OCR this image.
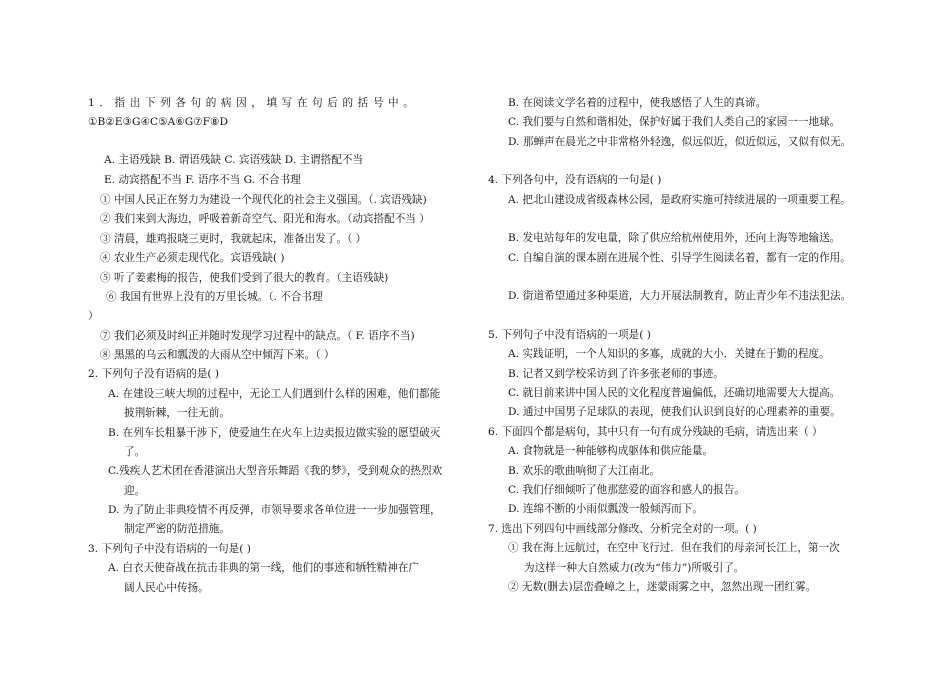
1．指出下列各句的病因，填写在句后的括号中。
①B②E③G④C⑤A⑥G⑦F⑧D
A. 主语残缺 B. 谓语残缺 C. 宾语残缺 D. 主谓搭配不当
E. 动宾搭配不当 F. 语序不当 G. 不合书理
① 中国人民正在努力为建设一个现代化的社会主义强国。（. 宾语残缺)
② 我们来到大海边，呼吸着新奇空气、阳光和海水。（动宾搭配不当 ）
③ 清晨，雄鸡报晓三更时，我就起床，准备出发了。（ ）
④ 农业生产必须走现代化。宾语残缺( )
⑤ 听了姜素梅的报告，使我们受到了很大的教育。（主语残缺)
⑥ 我国有世界上没有的万里长城。（. 不合书理
）
⑦ 我们必须及时纠正并随时发现学习过程中的缺点。（ F. 语序不当)
⑧ 黑黑的乌云和瓢泼的大雨从空中倾泻下来。（ ）
2. 下列句子没有语病的是( )
A. 在建设三峡大坝的过程中，无论工人们遇到什么样的困难，他们都能
披荆斩棘，一往无前。
B. 在列车长粗暴干涉下，使爱迪生在火车上边卖报边做实验的愿望破灭
了。
C.残疾人艺术团在香港演出大型音乐舞蹈《我的梦》，受到观众的热烈欢
迎。
D. 为了防止非典疫情不再反弹，市领导要求各单位进一一步加强管理，
制定严密的防范措施。
3. 下列句子中没有语病的一句是( )
A. 白衣天使奋战在抗击非典的第一线，他们的事迹和牺牲精神在广
阔人民心中传扬。
B. 在阅读文学名着的过程中，使我感悟了人生的真谛。
C. 我们要与自然和谐相处，保护好属于我们人类自己的家园一一地球。
D. 那蝉声在晨光之中非常格外轻逸，似远似近，似近似远，又似有似无。
4. 下列各句中，没有语病的一句是( )
A. 把北山建设成省级森林公园，是政府实施可持续进展的一项重要工程。
B. 发电站每年的发电量，除了供应给杭州使用外，还向上海等地输送。
C. 自编自演的课本剧在进展个性、引导学生阅读名着，都有一定的作用。
D. 街道希望通过多种渠道，大力开展法制教育，防止青少年不违法犯法。
5. 下列句子中没有语病的一项是( )
A. 实践证明，一个人知识的多寡，成就的大小．关键在于勤的程度。
B. 记者又到学校采访到了许多张老师的事迹。
C. 就目前来讲中国人民的文化程度普遍偏低，还确切地需要大大提高。
D. 通过中国男子足球队的表现，使我们认识到良好的心理素养的重要。
6. 下面四个都是病句，其中只有一句有成分残缺的毛病，请选出来（ ）
A. 食物就是一种能够构成躯体和供应能量。
B. 欢乐的歌曲响彻了大江南北。
C. 我们仔细倾听了他那慈爱的面容和感人的报告。
D. 连绵不断的小雨似瓢泼一般倾泻而下。
7. 选出下列四句中画线部分修改、分析完全对的一项。( )
① 我在海上远航过，在空中飞行过．但在我们的母亲河长江上，第一次
为这样一种大自然威力(改为“伟力”)所吸引了。
② 无数(删去)层峦叠嶂之上，迷蒙雨雾之中，忽然出现一团红雾。
